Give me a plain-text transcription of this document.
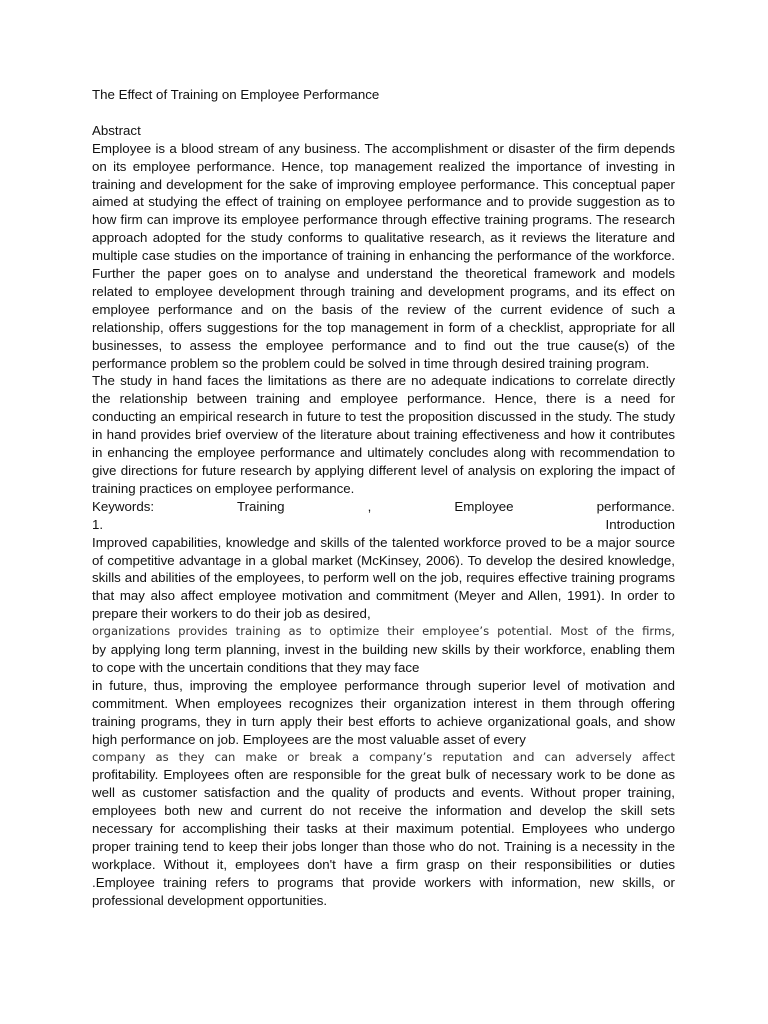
The Effect of Training on Employee Performance

Abstract

Employee is a blood stream of any business. The accomplishment or disaster of the firm depends on its employee performance. Hence, top management realized the importance of investing in training and development for the sake of improving employee performance. This conceptual paper aimed at studying the effect of training on employee performance and to provide suggestion as to how firm can improve its employee performance through effective training programs. The research approach adopted for the study conforms to qualitative research, as it reviews the literature and multiple case studies on the importance of training in enhancing the performance of the workforce. Further the paper goes on to analyse and understand the theoretical framework and models related to employee development through training and development programs, and its effect on employee performance and on the basis of the review of the current evidence of such a relationship, offers suggestions for the top management in form of a checklist, appropriate for all businesses, to assess the employee performance and to find out the true cause(s) of the performance problem so the problem could be solved in time through desired training program.

The study in hand faces the limitations as there are no adequate indications to correlate directly the relationship between training and employee performance. Hence, there is a need for conducting an empirical research in future to test the proposition discussed in the study. The study in hand provides brief overview of the literature about training effectiveness and how it contributes in enhancing the employee performance and ultimately concludes along with recommendation to give directions for future research by applying different level of analysis on exploring the impact of training practices on employee performance.

Keywords: Training , Employee performance.
1. Introduction

Improved capabilities, knowledge and skills of the talented workforce proved to be a major source of competitive advantage in a global market (McKinsey, 2006). To develop the desired knowledge, skills and abilities of the employees, to perform well on the job, requires effective training programs that may also affect employee motivation and commitment (Meyer and Allen, 1991). In order to prepare their workers to do their job as desired,

organizations provides training as to optimize their employee’s potential. Most of the firms,

by applying long term planning, invest in the building new skills by their workforce, enabling them to cope with the uncertain conditions that they may face

in future, thus, improving the employee performance through superior level of motivation and commitment. When employees recognizes their organization interest in them through offering training programs, they in turn apply their best efforts to achieve organizational goals, and show high performance on job. Employees are the most valuable asset of every

company as they can make or break a company’s reputation and can adversely affect

profitability. Employees often are responsible for the great bulk of necessary work to be done as well as customer satisfaction and the quality of products and events. Without proper training, employees both new and current do not receive the information and develop the skill sets necessary for accomplishing their tasks at their maximum potential. Employees who undergo proper training tend to keep their jobs longer than those who do not. Training is a necessity in the workplace. Without it, employees don't have a firm grasp on their responsibilities or duties .Employee training refers to programs that provide workers with information, new skills, or professional development opportunities.
